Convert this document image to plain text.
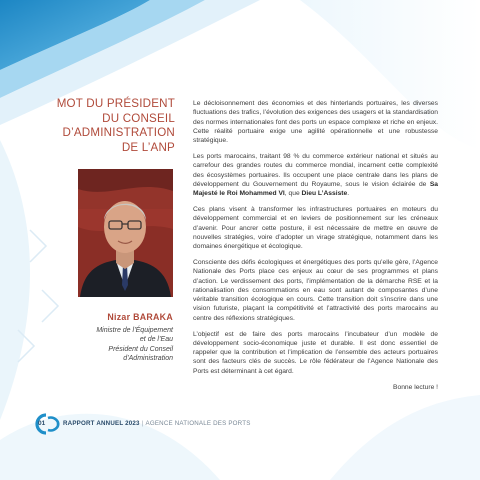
MOT DU PRÉSIDENT
DU CONSEIL
D’ADMINISTRATION
DE L’ANP
Nizar BARAKA
Ministre de l’Équipement
et de l’Eau
Président du Conseil
d’Administration

Le décloisonnement des économies et des hinterlands portuaires, les diverses fluctuations des trafics, l’évolution des exigences des usagers et la standardisation des normes internationales font des ports un espace complexe et riche en enjeux. Cette réalité portuaire exige une agilité opérationnelle et une robustesse stratégique.

Les ports marocains, traitant 98 % du commerce extérieur national et situés au carrefour des grandes routes du commerce mondial, incarnent cette complexité des écosystèmes portuaires. Ils occupent une place centrale dans les plans de développement du Gouvernement du Royaume, sous le vision éclairée de Sa Majesté le Roi Mohammed VI, que Dieu L’Assiste.

Ces plans visent à transformer les infrastructures portuaires en moteurs du développement commercial et en leviers de positionnement sur les créneaux d’avenir. Pour ancrer cette posture, il est nécessaire de mettre en œuvre de nouvelles stratégies, voire d’adopter un virage stratégique, notamment dans les domaines énergétique et écologique.

Consciente des défis écologiques et énergétiques des ports qu’elle gère, l’Agence Nationale des Ports place ces enjeux au cœur de ses programmes et plans d’action. Le verdissement des ports, l’implémentation de la démarche RSE et la rationalisation des consommations en eau sont autant de composantes d’une véritable transition écologique en cours. Cette transition doit s’inscrire dans une vision futuriste, plaçant la compétitivité et l’attractivité des ports marocains au centre des réflexions stratégiques.

L’objectif est de faire des ports marocains l’incubateur d’un modèle de développement socio-économique juste et durable. Il est donc essentiel de rappeler que la contribution et l’implication de l’ensemble des acteurs portuaires sont des facteurs clés de succès. Le rôle fédérateur de l’Agence Nationale des Ports est déterminant à cet égard.

Bonne lecture !

01	RAPPORT ANNUEL 2023 | AGENCE NATIONALE DES PORTS
